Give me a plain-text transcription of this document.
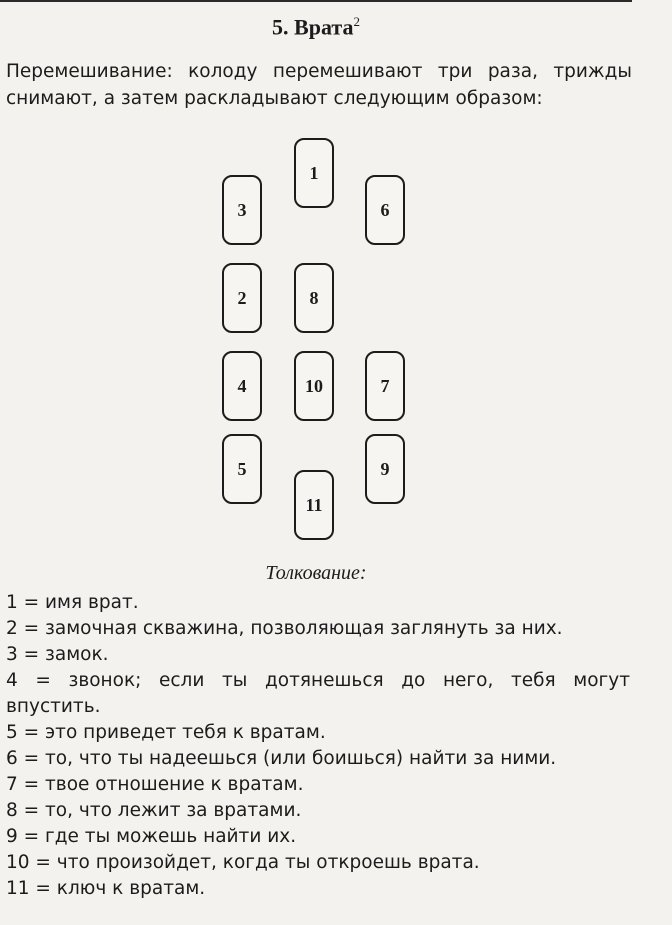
5. Врата$^2$
Перемешивание: колоду перемешивают три раза, трижды снимают, а затем раскладывают следующим образом:
1
3	6
2	8
4	10	7
5	9
11
Толкование:
1 = имя врат.
2 = замочная скважина, позволяющая заглянуть за них.
3 = замок.
4 = звонок; если ты дотянешься до него, тебя могут
впустить.
5 = это приведет тебя к вратам.
6 = то, что ты надеешься (или боишься) найти за ними.
7 = твое отношение к вратам.
8 = то, что лежит за вратами.
9 = где ты можешь найти их.
10 = что произойдет, когда ты откроешь врата.
11 = ключ к вратам.
